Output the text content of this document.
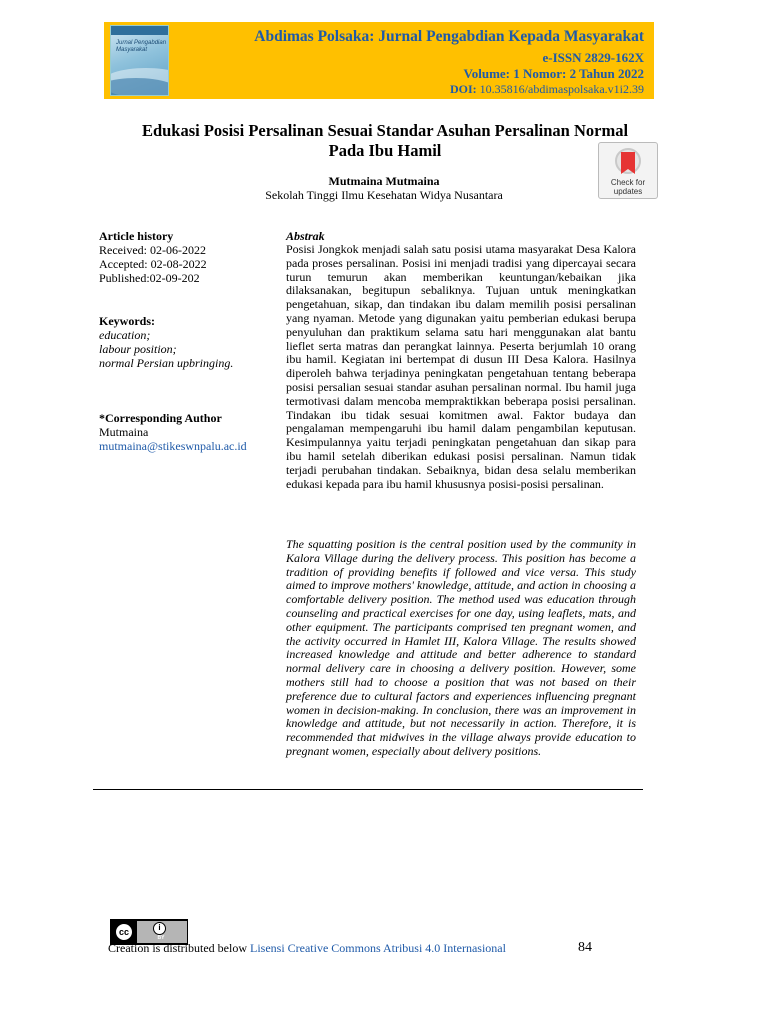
Jurnal Pengabdian Masyarakat
Abdimas Polsaka: Jurnal Pengabdian Kepada Masyarakat
e-ISSN 2829-162X
Volume: 1 Nomor: 2 Tahun 2022
DOI: 10.35816/abdimaspolsaka.v1i2.39
Edukasi Posisi Persalinan Sesuai Standar Asuhan Persalinan Normal
Pada Ibu Hamil
Check for
updates
Mutmaina Mutmaina
Sekolah Tinggi Ilmu Kesehatan Widya Nusantara
Article history
Received: 02-06-2022
Accepted: 02-08-2022
Published:02-09-202
Keywords:
education;
labour position;
normal Persian upbringing.
*Corresponding Author
Mutmaina
mutmaina@stikeswnpalu.ac.id
Abstrak
Posisi Jongkok menjadi salah satu posisi utama masyarakat Desa Kalora pada proses persalinan. Posisi ini menjadi tradisi yang dipercayai secara turun temurun akan memberikan keuntungan/kebaikan jika dilaksanakan, begitupun sebaliknya. Tujuan untuk meningkatkan pengetahuan, sikap, dan tindakan ibu dalam memilih posisi persalinan yang nyaman. Metode yang digunakan yaitu pemberian edukasi berupa penyuluhan dan praktikum selama satu hari menggunakan alat bantu lieflet serta matras dan perangkat lainnya. Peserta berjumlah 10 orang ibu hamil. Kegiatan ini bertempat di dusun III Desa Kalora. Hasilnya diperoleh bahwa terjadinya peningkatan pengetahuan tentang beberapa posisi persalian sesuai standar asuhan persalinan normal. Ibu hamil juga termotivasi dalam mencoba mempraktikkan beberapa posisi persalinan. Tindakan ibu tidak sesuai komitmen awal. Faktor budaya dan pengalaman mempengaruhi ibu hamil dalam pengambilan keputusan. Kesimpulannya yaitu terjadi peningkatan pengetahuan dan sikap para ibu hamil setelah diberikan edukasi posisi persalinan. Namun tidak terjadi perubahan tindakan. Sebaiknya, bidan desa selalu memberikan edukasi kepada para ibu hamil khususnya posisi-posisi persalinan.
The squatting position is the central position used by the community in Kalora Village during the delivery process. This position has become a tradition of providing benefits if followed and vice versa. This study aimed to improve mothers' knowledge, attitude, and action in choosing a comfortable delivery position. The method used was education through counseling and practical exercises for one day, using leaflets, mats, and other equipment. The participants comprised ten pregnant women, and the activity occurred in Hamlet III, Kalora Village. The results showed increased knowledge and attitude and better adherence to standard normal delivery care in choosing a delivery position. However, some mothers still had to choose a position that was not based on their preference due to cultural factors and experiences influencing pregnant women in decision-making. In conclusion, there was an improvement in knowledge and attitude, but not necessarily in action. Therefore, it is recommended that midwives in the village always provide education to pregnant women, especially about delivery positions.
cc	i
BY
Creation is distributed below Lisensi Creative Commons Atribusi 4.0 Internasional	84
